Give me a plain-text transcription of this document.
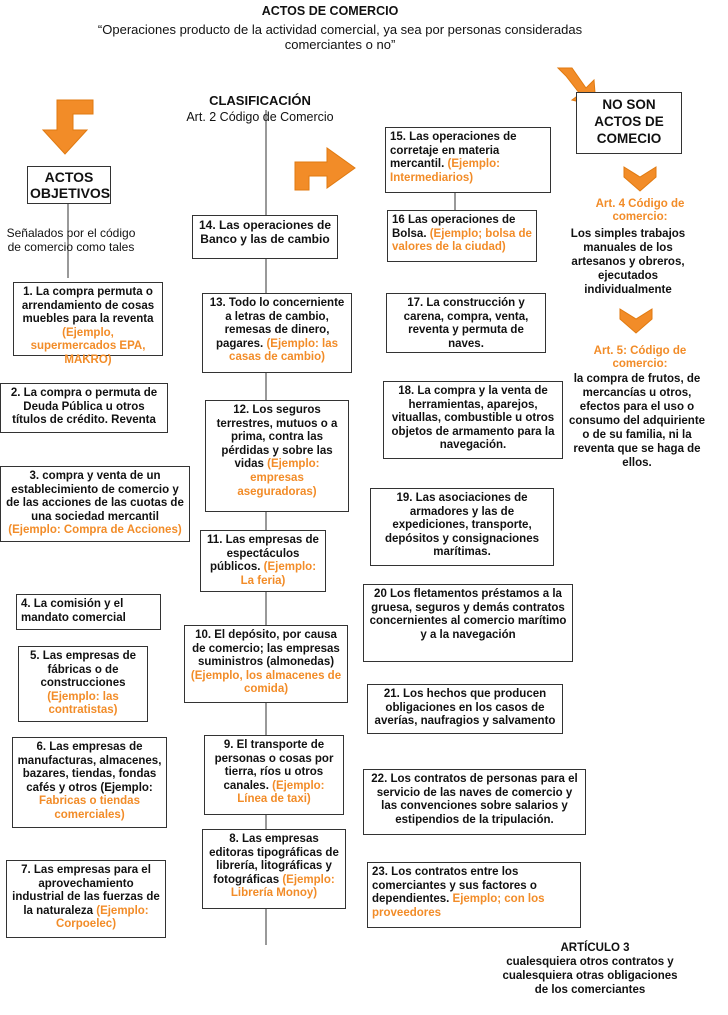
ACTOS DE COMERCIO
“Operaciones producto de la actividad comercial, ya sea por personas consideradas comerciantes o no”
CLASIFICACIÓN
Art. 2 Código de Comercio
ACTOS OBJETIVOS
Señalados por el código de comercio como tales
NO SON ACTOS DE COMECIO
Art. 4 Código de comercio:
Los simples trabajos manuales de los artesanos y obreros, ejecutados individualmente
Art. 5: Código de comercio:
la compra de frutos, de mercancías u otros, efectos para el uso o consumo del adquiriente o de su familia, ni la reventa que se haga de ellos.
ARTÍCULO 3
cualesquiera otros contratos y cualesquiera otras obligaciones de los comerciantes
1. La compra permuta o arrendamiento de cosas muebles para la reventa (Ejemplo, supermercados EPA, MAKRO)
2. La compra o permuta de Deuda Pública u otros títulos de crédito. Reventa
3. compra y venta de un establecimiento de comercio y de las acciones de las cuotas de una sociedad mercantil (Ejemplo: Compra de Acciones)
4. La comisión y el mandato comercial
5. Las empresas de fábricas o de construcciones (Ejemplo: las contratistas)
6. Las empresas de manufacturas, almacenes, bazares, tiendas, fondas cafés y otros (Ejemplo: Fabricas o tiendas comerciales)
7. Las empresas para el aprovechamiento industrial de las fuerzas de la naturaleza (Ejemplo: Corpoelec)
14. Las operaciones de Banco y las de cambio
13. Todo lo concerniente a letras de cambio, remesas de dinero, pagares. (Ejemplo: las casas de cambio)
12. Los seguros terrestres, mutuos o a prima, contra las pérdidas y sobre las vidas (Ejemplo: empresas aseguradoras)
11. Las empresas de espectáculos públicos. (Ejemplo: La feria)
10. El depósito, por causa de comercio; las empresas suministros (almonedas) (Ejemplo, los almacenes de comida)
9. El transporte de personas o cosas por tierra, ríos u otros canales. (Ejemplo: Línea de taxi)
8. Las empresas editoras tipográficas de librería, litográficas y fotográficas (Ejemplo: Librería Monoy)
15. Las operaciones de corretaje en materia mercantil. (Ejemplo: Intermediarios)
16 Las operaciones de Bolsa. (Ejemplo; bolsa de valores de la ciudad)
17. La construcción y carena, compra, venta, reventa y permuta de naves.
18. La compra y la venta de herramientas, aparejos, vituallas, combustible u otros objetos de armamento para la navegación.
19. Las asociaciones de armadores y las de expediciones, transporte, depósitos y consignaciones marítimas.
20 Los fletamentos préstamos a la gruesa, seguros y demás contratos concernientes al comercio marítimo y a la navegación
21. Los hechos que producen obligaciones en los casos de averías, naufragios y salvamento
22. Los contratos de personas para el servicio de las naves de comercio y las convenciones sobre salarios y estipendios de la tripulación.
23. Los contratos entre los comerciantes y sus factores o dependientes. Ejemplo; con los proveedores
